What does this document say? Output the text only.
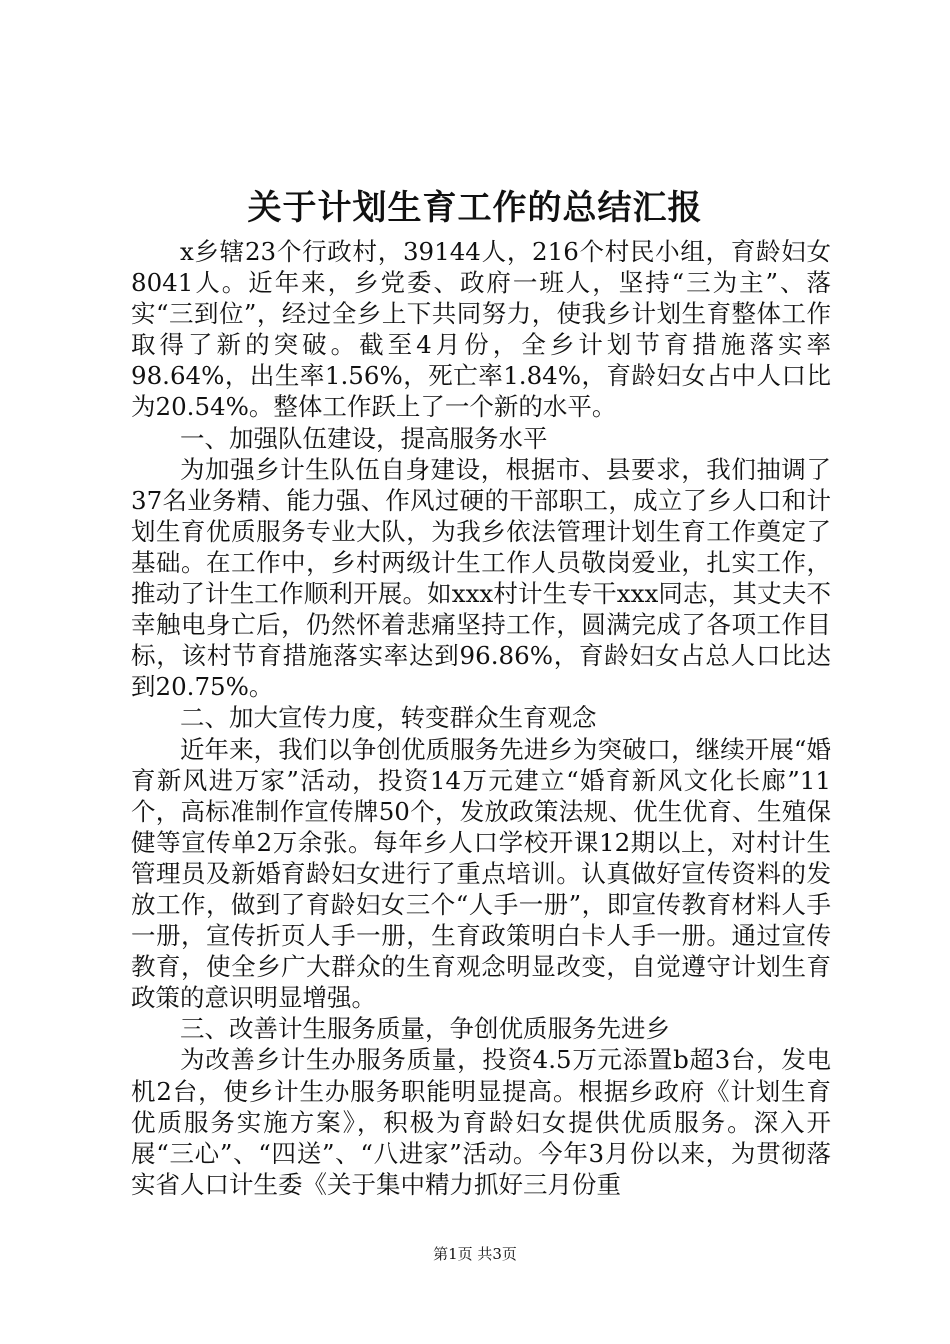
关于计划生育工作的总结汇报

x乡辖23个行政村，39144人，216个村民小组，育龄妇女8041人。近年来，乡党委、政府一班人，坚持“三为主”、落实“三到位”，经过全乡上下共同努力，使我乡计划生育整体工作取得了新的突破。截至4月份，全乡计划节育措施落实率98.64%，出生率1.56%，死亡率1.84%，育龄妇女占中人口比为20.54%。整体工作跃上了一个新的水平。

一、加强队伍建设，提高服务水平

为加强乡计生队伍自身建设，根据市、县要求，我们抽调了37名业务精、能力强、作风过硬的干部职工，成立了乡人口和计划生育优质服务专业大队，为我乡依法管理计划生育工作奠定了基础。在工作中，乡村两级计生工作人员敬岗爱业，扎实工作，推动了计生工作顺利开展。如xxx村计生专干xxx同志，其丈夫不幸触电身亡后，仍然怀着悲痛坚持工作，圆满完成了各项工作目标，该村节育措施落实率达到96.86%，育龄妇女占总人口比达到20.75%。

二、加大宣传力度，转变群众生育观念

近年来，我们以争创优质服务先进乡为突破口，继续开展“婚育新风进万家”活动，投资14万元建立“婚育新风文化长廊”11个，高标准制作宣传牌50个，发放政策法规、优生优育、生殖保健等宣传单2万余张。每年乡人口学校开课12期以上，对村计生管理员及新婚育龄妇女进行了重点培训。认真做好宣传资料的发放工作，做到了育龄妇女三个“人手一册”，即宣传教育材料人手一册，宣传折页人手一册，生育政策明白卡人手一册。通过宣传教育，使全乡广大群众的生育观念明显改变，自觉遵守计划生育政策的意识明显增强。

三、改善计生服务质量，争创优质服务先进乡

为改善乡计生办服务质量，投资4.5万元添置b超3台，发电机2台，使乡计生办服务职能明显提高。根据乡政府《计划生育优质服务实施方案》，积极为育龄妇女提供优质服务。深入开展“三心”、“四送”、“八进家”活动。今年3月份以来，为贯彻落实省人口计生委《关于集中精力抓好三月份重

第1页 共3页
